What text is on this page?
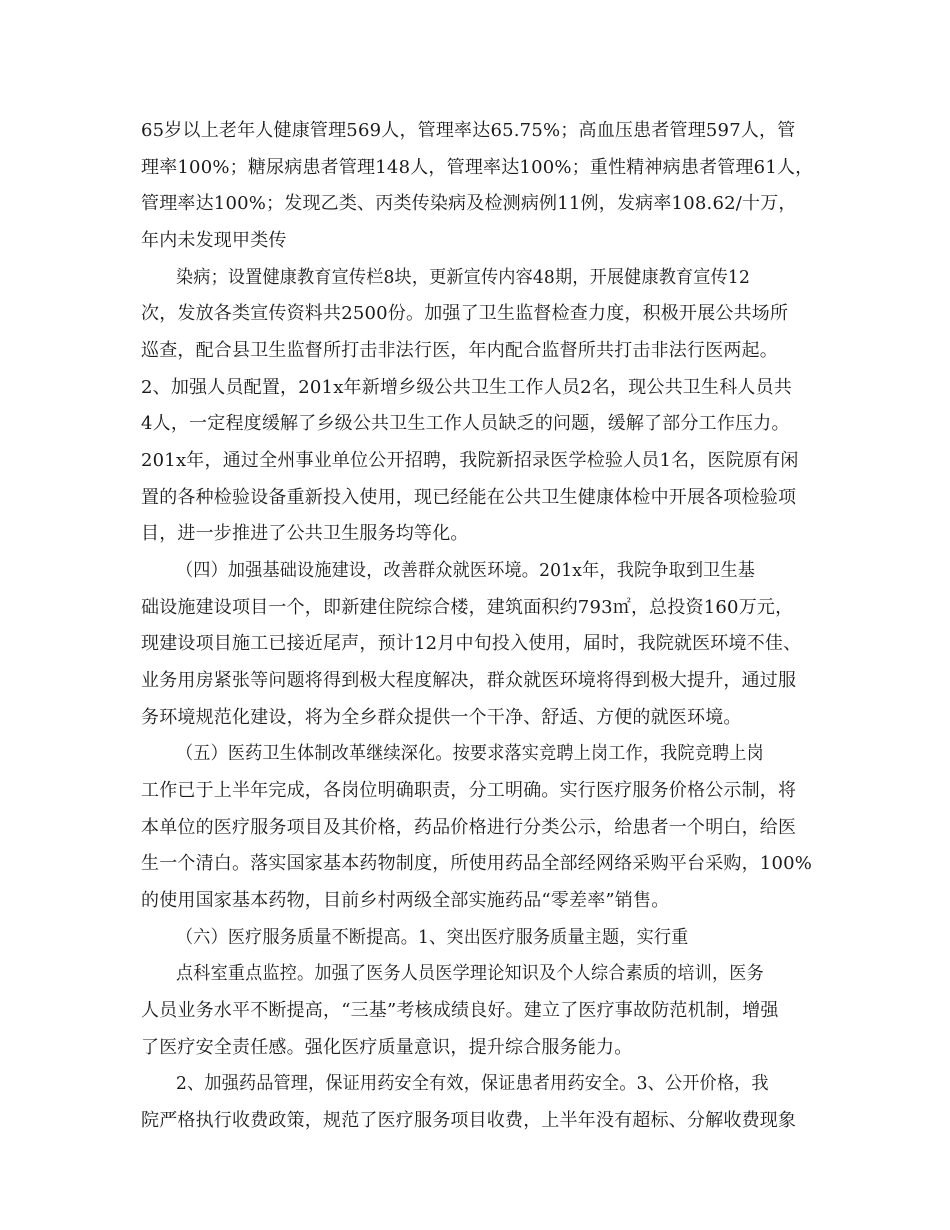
65岁以上老年人健康管理569人，管理率达65.75%；高血压患者管理597人，管
理率100%；糖尿病患者管理148人，管理率达100%；重性精神病患者管理61人，
管理率达100%；发现乙类、丙类传染病及检测病例11例，发病率108.62/十万，
年内未发现甲类传
染病；设置健康教育宣传栏8块，更新宣传内容48期，开展健康教育宣传12
次，发放各类宣传资料共2500份。加强了卫生监督检查力度，积极开展公共场所
巡查，配合县卫生监督所打击非法行医，年内配合监督所共打击非法行医两起。
2、加强人员配置，201x年新增乡级公共卫生工作人员2名，现公共卫生科人员共
4人，一定程度缓解了乡级公共卫生工作人员缺乏的问题，缓解了部分工作压力。
201x年，通过全州事业单位公开招聘，我院新招录医学检验人员1名，医院原有闲
置的各种检验设备重新投入使用，现已经能在公共卫生健康体检中开展各项检验项
目，进一步推进了公共卫生服务均等化。
（四）加强基础设施建设，改善群众就医环境。201x年，我院争取到卫生基
础设施建设项目一个，即新建住院综合楼，建筑面积约793㎡，总投资160万元，
现建设项目施工已接近尾声，预计12月中旬投入使用，届时，我院就医环境不佳、
业务用房紧张等问题将得到极大程度解决，群众就医环境将得到极大提升，通过服
务环境规范化建设，将为全乡群众提供一个干净、舒适、方便的就医环境。
（五）医药卫生体制改革继续深化。按要求落实竞聘上岗工作，我院竞聘上岗
工作已于上半年完成，各岗位明确职责，分工明确。实行医疗服务价格公示制，将
本单位的医疗服务项目及其价格，药品价格进行分类公示，给患者一个明白，给医
生一个清白。落实国家基本药物制度，所使用药品全部经网络采购平台采购，100%
的使用国家基本药物，目前乡村两级全部实施药品“零差率”销售。
（六）医疗服务质量不断提高。1、突出医疗服务质量主题，实行重
点科室重点监控。加强了医务人员医学理论知识及个人综合素质的培训，医务
人员业务水平不断提高，“三基”考核成绩良好。建立了医疗事故防范机制，增强
了医疗安全责任感。强化医疗质量意识，提升综合服务能力。
2、加强药品管理，保证用药安全有效，保证患者用药安全。3、公开价格，我
院严格执行收费政策，规范了医疗服务项目收费，上半年没有超标、分解收费现象
